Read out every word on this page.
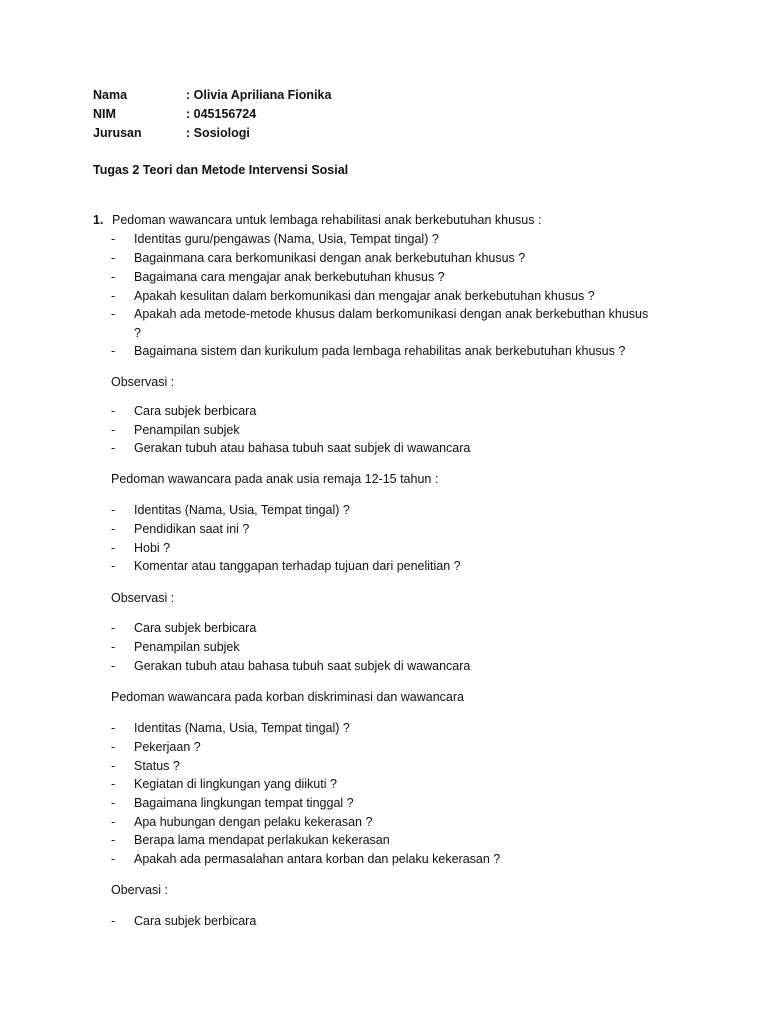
Nama	: Olivia Apriliana Fionika
NIM	: 045156724
Jurusan	: Sosiologi
Tugas 2 Teori dan Metode Intervensi Sosial
1. Pedoman wawancara untuk lembaga rehabilitasi anak berkebutuhan khusus :
- Identitas guru/pengawas (Nama, Usia, Tempat tingal) ?
- Bagainmana cara berkomunikasi dengan anak berkebutuhan khusus ?
- Bagaimana cara mengajar anak berkebutuhan khusus ?
- Apakah kesulitan dalam berkomunikasi dan mengajar anak berkebutuhan khusus ?
- Apakah ada metode-metode khusus dalam berkomunikasi dengan anak berkebuthan khusus
?
- Bagaimana sistem dan kurikulum pada lembaga rehabilitas anak berkebutuhan khusus ?
Observasi :
- Cara subjek berbicara
- Penampilan subjek
- Gerakan tubuh atau bahasa tubuh saat subjek di wawancara
Pedoman wawancara pada anak usia remaja 12-15 tahun :
- Identitas (Nama, Usia, Tempat tingal) ?
- Pendidikan saat ini ?
- Hobi ?
- Komentar atau tanggapan terhadap tujuan dari penelitian ?
Observasi :
- Cara subjek berbicara
- Penampilan subjek
- Gerakan tubuh atau bahasa tubuh saat subjek di wawancara
Pedoman wawancara pada korban diskriminasi dan wawancara
- Identitas (Nama, Usia, Tempat tingal) ?
- Pekerjaan ?
- Status ?
- Kegiatan di lingkungan yang diikuti ?
- Bagaimana lingkungan tempat tinggal ?
- Apa hubungan dengan pelaku kekerasan ?
- Berapa lama mendapat perlakukan kekerasan
- Apakah ada permasalahan antara korban dan pelaku kekerasan ?
Obervasi :
- Cara subjek berbicara
